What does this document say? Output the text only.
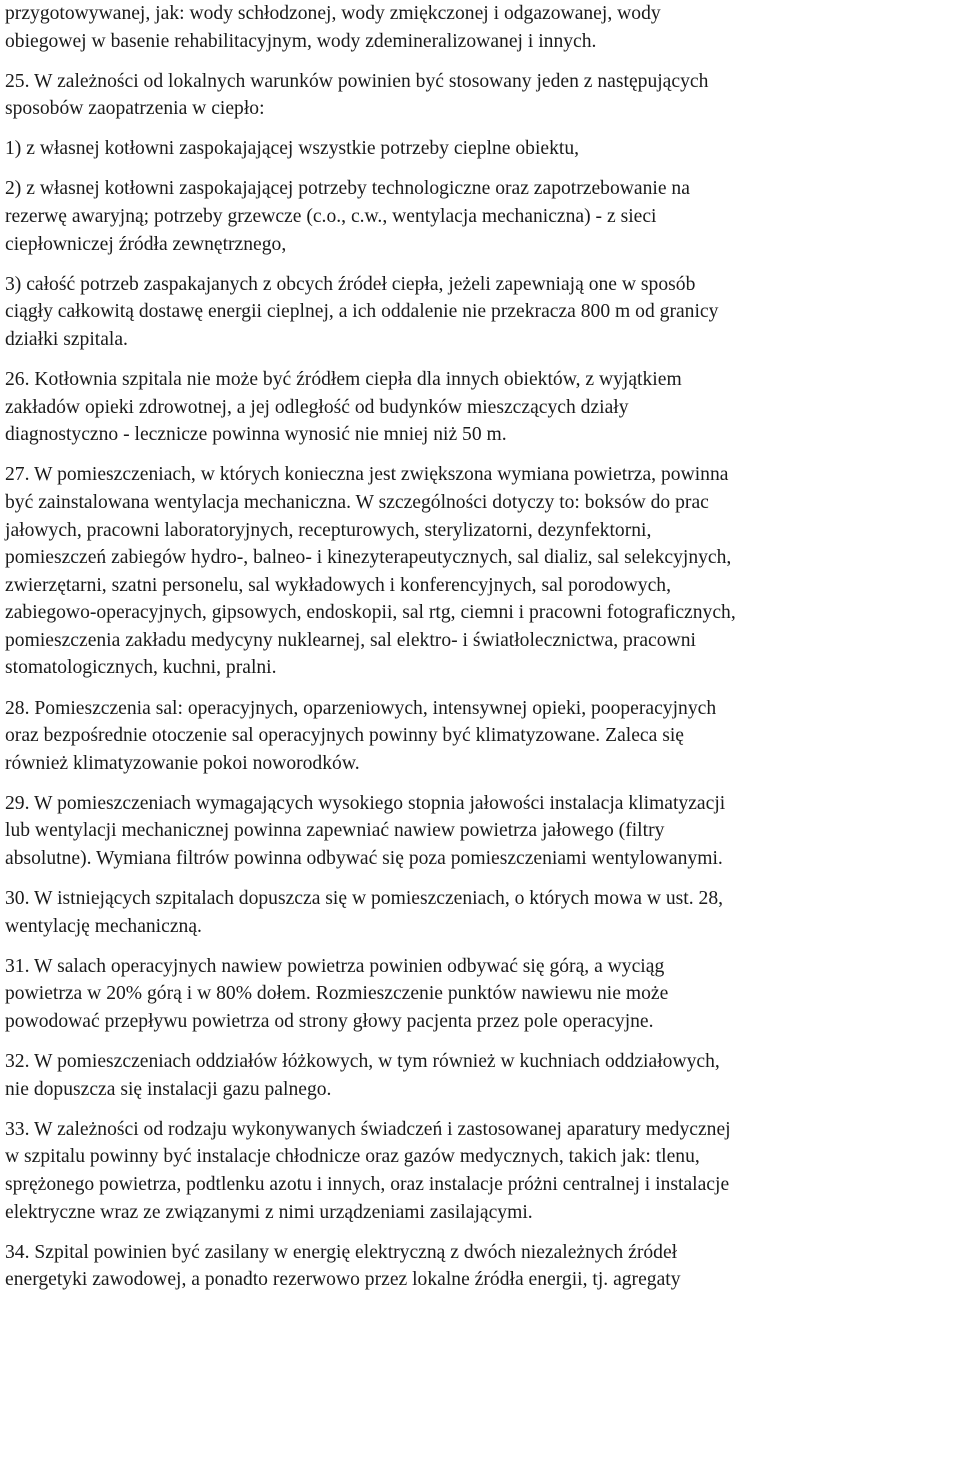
przygotowywanej, jak: wody schłodzonej, wody zmiękczonej i odgazowanej, wody
obiegowej w basenie rehabilitacyjnym, wody zdemineralizowanej i innych.

25. W zależności od lokalnych warunków powinien być stosowany jeden z następujących
sposobów zaopatrzenia w ciepło:

1) z własnej kotłowni zaspokajającej wszystkie potrzeby cieplne obiektu,

2) z własnej kotłowni zaspokajającej potrzeby technologiczne oraz zapotrzebowanie na
rezerwę awaryjną; potrzeby grzewcze (c.o., c.w., wentylacja mechaniczna) - z sieci
ciepłowniczej źródła zewnętrznego,

3) całość potrzeb zaspakajanych z obcych źródeł ciepła, jeżeli zapewniają one w sposób
ciągły całkowitą dostawę energii cieplnej, a ich oddalenie nie przekracza 800 m od granicy
działki szpitala.

26. Kotłownia szpitala nie może być źródłem ciepła dla innych obiektów, z wyjątkiem
zakładów opieki zdrowotnej, a jej odległość od budynków mieszczących działy
diagnostyczno - lecznicze powinna wynosić nie mniej niż 50 m.

27. W pomieszczeniach, w których konieczna jest zwiększona wymiana powietrza, powinna
być zainstalowana wentylacja mechaniczna. W szczególności dotyczy to: boksów do prac
jałowych, pracowni laboratoryjnych, recepturowych, sterylizatorni, dezynfektorni,
pomieszczeń zabiegów hydro-, balneo- i kinezyterapeutycznych, sal dializ, sal selekcyjnych,
zwierzętarni, szatni personelu, sal wykładowych i konferencyjnych, sal porodowych,
zabiegowo-operacyjnych, gipsowych, endoskopii, sal rtg, ciemni i pracowni fotograficznych,
pomieszczenia zakładu medycyny nuklearnej, sal elektro- i światłolecznictwa, pracowni
stomatologicznych, kuchni, pralni.

28. Pomieszczenia sal: operacyjnych, oparzeniowych, intensywnej opieki, pooperacyjnych
oraz bezpośrednie otoczenie sal operacyjnych powinny być klimatyzowane. Zaleca się
również klimatyzowanie pokoi noworodków.

29. W pomieszczeniach wymagających wysokiego stopnia jałowości instalacja klimatyzacji
lub wentylacji mechanicznej powinna zapewniać nawiew powietrza jałowego (filtry
absolutne). Wymiana filtrów powinna odbywać się poza pomieszczeniami wentylowanymi.

30. W istniejących szpitalach dopuszcza się w pomieszczeniach, o których mowa w ust. 28,
wentylację mechaniczną.

31. W salach operacyjnych nawiew powietrza powinien odbywać się górą, a wyciąg
powietrza w 20% górą i w 80% dołem. Rozmieszczenie punktów nawiewu nie może
powodować przepływu powietrza od strony głowy pacjenta przez pole operacyjne.

32. W pomieszczeniach oddziałów łóżkowych, w tym również w kuchniach oddziałowych,
nie dopuszcza się instalacji gazu palnego.

33. W zależności od rodzaju wykonywanych świadczeń i zastosowanej aparatury medycznej
w szpitalu powinny być instalacje chłodnicze oraz gazów medycznych, takich jak: tlenu,
sprężonego powietrza, podtlenku azotu i innych, oraz instalacje próżni centralnej i instalacje
elektryczne wraz ze związanymi z nimi urządzeniami zasilającymi.

34. Szpital powinien być zasilany w energię elektryczną z dwóch niezależnych źródeł
energetyki zawodowej, a ponadto rezerwowo przez lokalne źródła energii, tj. agregaty
